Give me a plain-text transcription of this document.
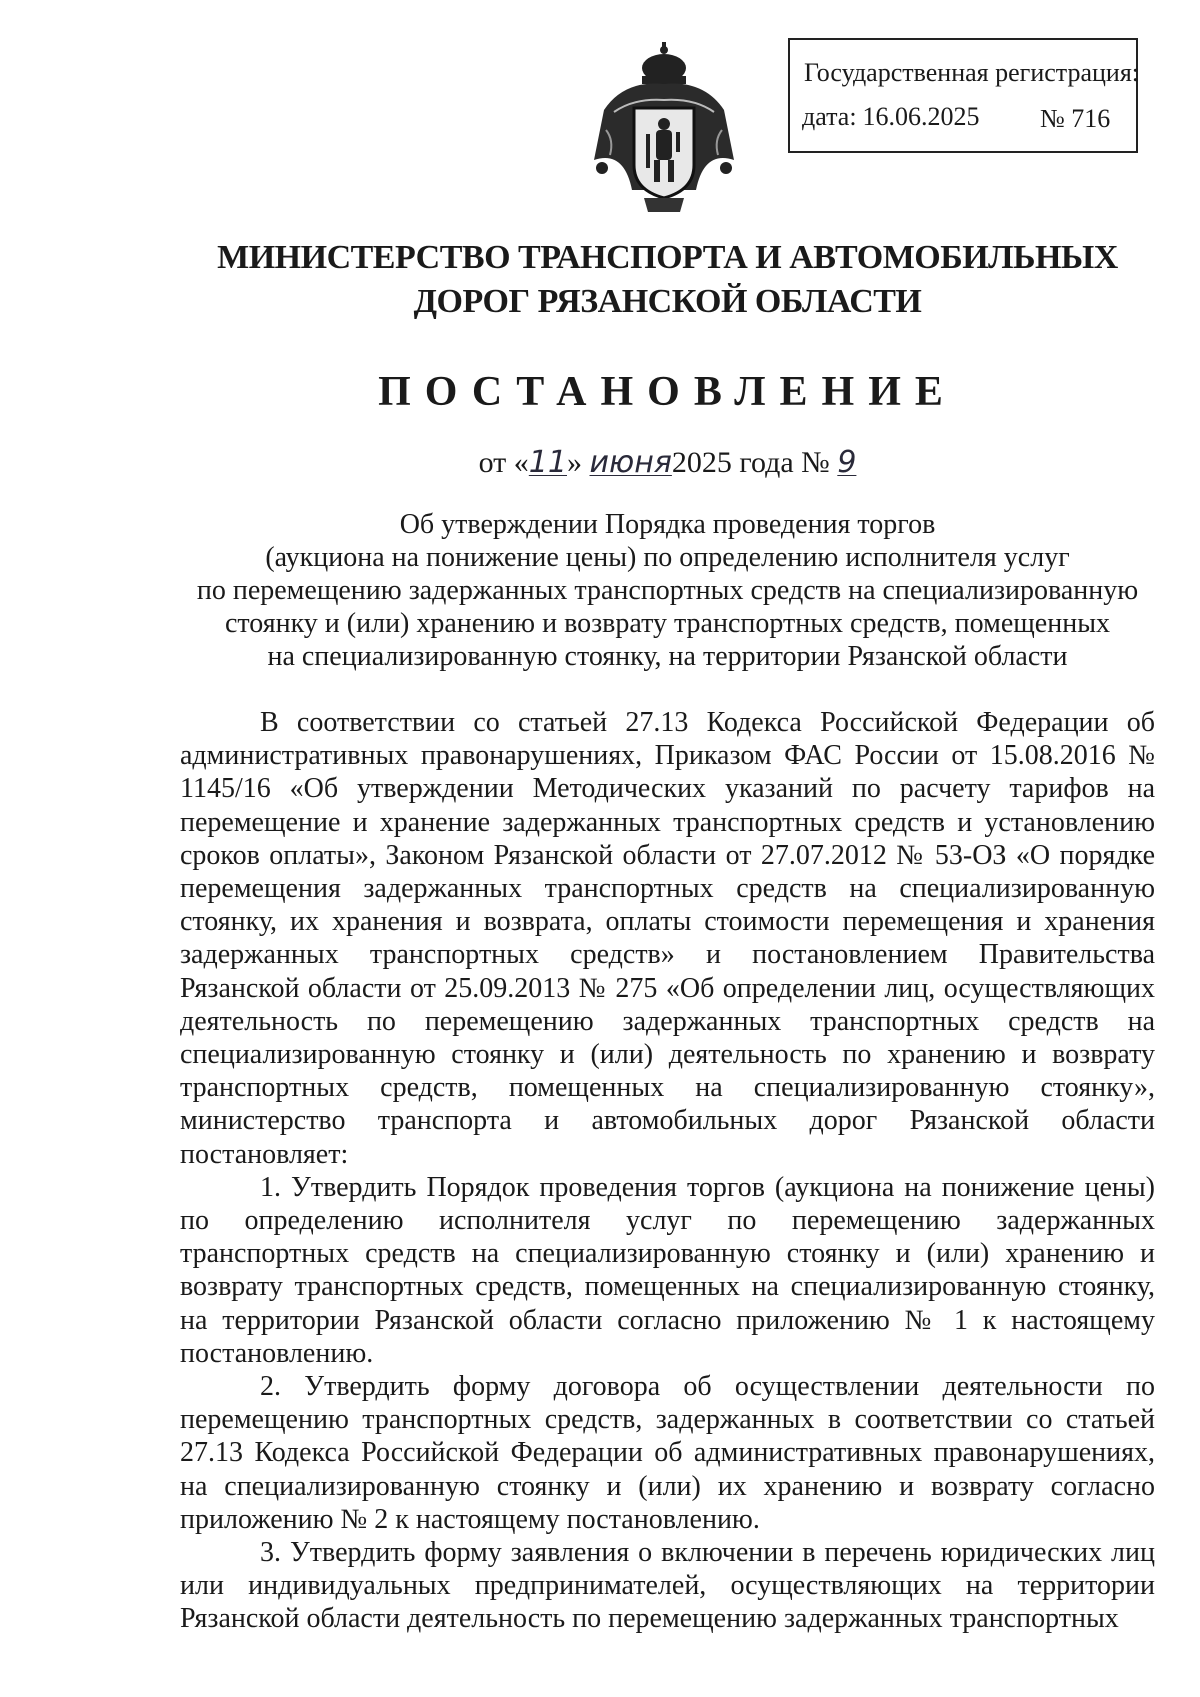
Государственная регистрация:
дата: 16.06.2025 № 716
МИНИСТЕРСТВО ТРАНСПОРТА И АВТОМОБИЛЬНЫХ
ДОРОГ РЯЗАНСКОЙ ОБЛАСТИ
ПОСТАНОВЛЕНИЕ
от «11» июня2025 года № 9
Об утверждении Порядка проведения торгов
(аукциона на понижение цены) по определению исполнителя услуг
по перемещению задержанных транспортных средств на специализированную
стоянку и (или) хранению и возврату транспортных средств, помещенных
на специализированную стоянку, на территории Рязанской области

В соответствии со статьей 27.13 Кодекса Российской Федерации об административных правонарушениях, Приказом ФАС России от 15.08.2016 № 1145/16 «Об утверждении Методических указаний по расчету тарифов на перемещение и хранение задержанных транспортных средств и установлению сроков оплаты», Законом Рязанской области от 27.07.2012 № 53-ОЗ «О порядке перемещения задержанных транспортных средств на специализированную стоянку, их хранения и возврата, оплаты стоимости перемещения и хранения задержанных транспортных средств» и постановлением Правительства Рязанской области от 25.09.2013 № 275 «Об определении лиц, осуществляющих деятельность по перемещению задержанных транспортных средств на специализированную стоянку и (или) деятельность по хранению и возврату транспортных средств, помещенных на специализированную стоянку», министерство транспорта и автомобильных дорог Рязанской области постановляет:

1. Утвердить Порядок проведения торгов (аукциона на понижение цены) по определению исполнителя услуг по перемещению задержанных транспортных средств на специализированную стоянку и (или) хранению и возврату транспортных средств, помещенных на специализированную стоянку, на территории Рязанской области согласно приложению № 1 к настоящему постановлению.

2. Утвердить форму договора об осуществлении деятельности по перемещению транспортных средств, задержанных в соответствии со статьей 27.13 Кодекса Российской Федерации об административных правонарушениях, на специализированную стоянку и (или) их хранению и возврату согласно приложению № 2 к настоящему постановлению.

3. Утвердить форму заявления о включении в перечень юридических лиц или индивидуальных предпринимателей, осуществляющих на территории Рязанской области деятельность по перемещению задержанных транспортных
